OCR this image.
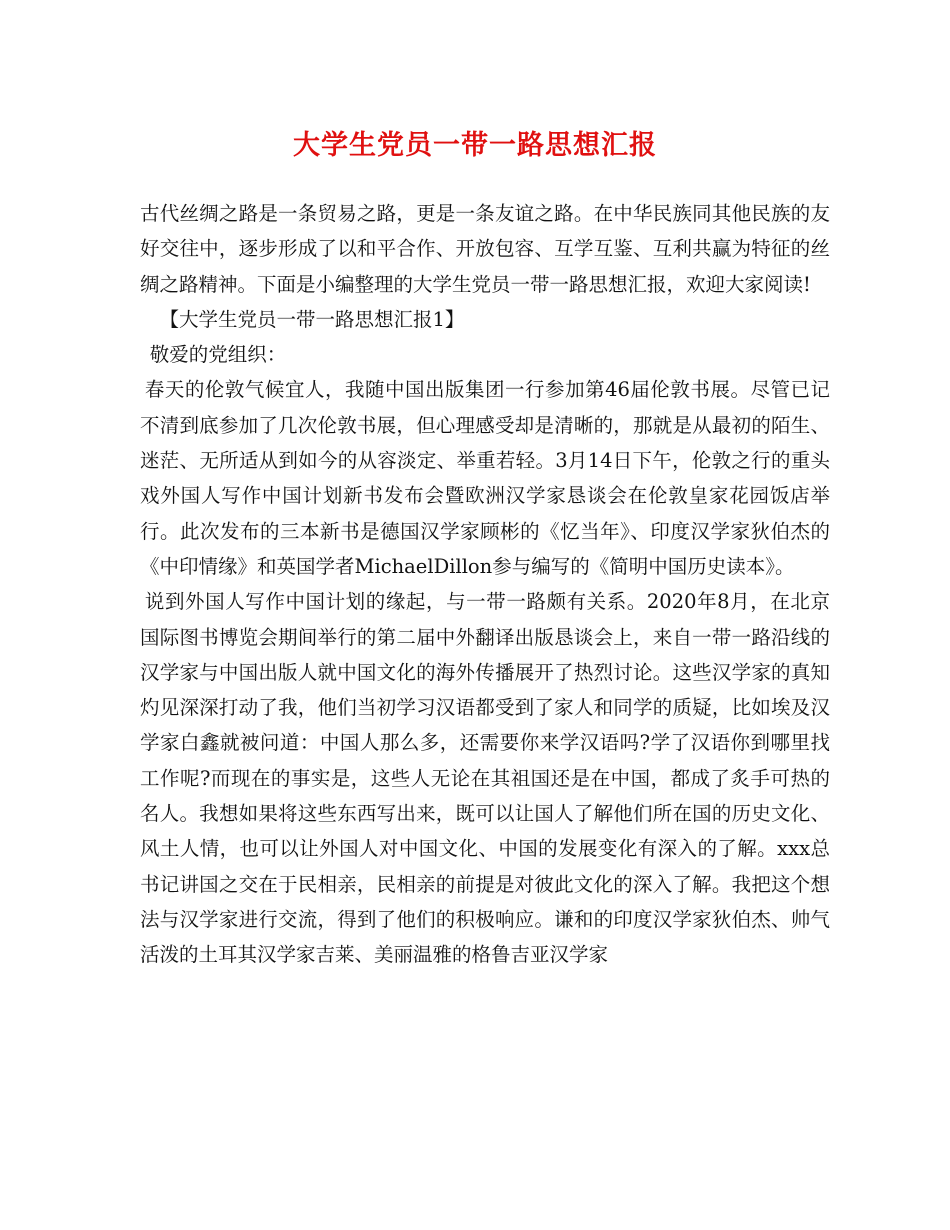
大学生党员一带一路思想汇报

古代丝绸之路是一条贸易之路，更是一条友谊之路。在中华民族同其他民族的友好交往中，逐步形成了以和平合作、开放包容、互学互鉴、互利共赢为特征的丝绸之路精神。下面是小编整理的大学生党员一带一路思想汇报，欢迎大家阅读!

【大学生党员一带一路思想汇报1】

敬爱的党组织：

春天的伦敦气候宜人，我随中国出版集团一行参加第46届伦敦书展。尽管已记不清到底参加了几次伦敦书展，但心理感受却是清晰的，那就是从最初的陌生、迷茫、无所适从到如今的从容淡定、举重若轻。3月14日下午，伦敦之行的重头戏外国人写作中国计划新书发布会暨欧洲汉学家恳谈会在伦敦皇家花园饭店举行。此次发布的三本新书是德国汉学家顾彬的《忆当年》、印度汉学家狄伯杰的《中印情缘》和英国学者MichaelDillon参与编写的《简明中国历史读本》。

说到外国人写作中国计划的缘起，与一带一路颇有关系。2020年8月，在北京国际图书博览会期间举行的第二届中外翻译出版恳谈会上，来自一带一路沿线的汉学家与中国出版人就中国文化的海外传播展开了热烈讨论。这些汉学家的真知灼见深深打动了我，他们当初学习汉语都受到了家人和同学的质疑，比如埃及汉学家白鑫就被问道：中国人那么多，还需要你来学汉语吗?学了汉语你到哪里找工作呢?而现在的事实是，这些人无论在其祖国还是在中国，都成了炙手可热的名人。我想如果将这些东西写出来，既可以让国人了解他们所在国的历史文化、风土人情，也可以让外国人对中国文化、中国的发展变化有深入的了解。xxx总书记讲国之交在于民相亲，民相亲的前提是对彼此文化的深入了解。我把这个想法与汉学家进行交流，得到了他们的积极响应。谦和的印度汉学家狄伯杰、帅气活泼的土耳其汉学家吉莱、美丽温雅的格鲁吉亚汉学家
